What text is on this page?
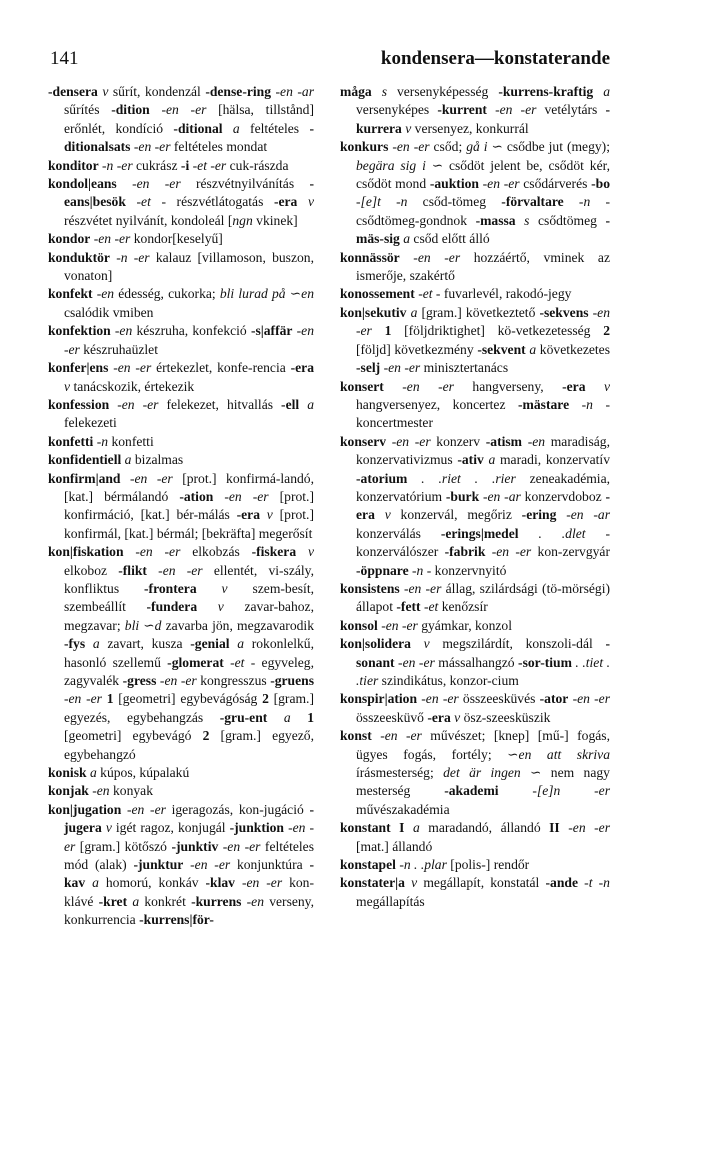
141	kondensera—konstaterande

-densera v sűrít, kondenzál -dense-ring -en -ar sűrítés -dition -en -er [hälsa, tillstånd] erőnlét, kondíció -ditional a feltételes -ditionalsats -en -er feltételes mondat

konditor -n -er cukrász -i -et -er cuk-rászda

kondol|eans -en -er részvétnyilvánítás -eans|besök -et - részvétlátogatás -era v részvétet nyilvánít, kondoleál [ngn vkinek]

kondor -en -er kondor[keselyű]

konduktör -n -er kalauz [villamoson, buszon, vonaton]

konfekt -en édesség, cukorka; bli lurad på ∽en csalódik vmiben

konfektion -en készruha, konfekció -s|affär -en -er készruhaüzlet

konfer|ens -en -er értekezlet, konfe-rencia -era v tanácskozik, értekezik

konfession -en -er felekezet, hitvallás -ell a felekezeti

konfetti -n konfetti

konfidentiell a bizalmas

konfirm|and -en -er [prot.] konfirmá-landó, [kat.] bérmálandó -ation -en -er [prot.] konfirmáció, [kat.] bér-málás -era v [prot.] konfirmál, [kat.] bérmál; [bekräfta] megerősít

kon|fiskation -en -er elkobzás -fiskera v elkoboz -flikt -en -er ellentét, vi-szály, konfliktus -frontera v szem-besít, szembeállít -fundera v zavar-bahoz, megzavar; bli ∽d zavarba jön, megzavarodik -fys a zavart, kusza -genial a rokonlelkű, hasonló szellemű -glomerat -et - egyveleg, zagyvalék -gress -en -er kongresszus -gruens -en -er 1 [geometri] egybevágóság 2 [gram.] egyezés, egybehangzás -gru-ent a 1 [geometri] egybevágó 2 [gram.] egyező, egybehangzó

konisk a kúpos, kúpalakú

konjak -en konyak

kon|jugation -en -er igeragozás, kon-jugáció -jugera v igét ragoz, konjugál -junktion -en -er [gram.] kötőszó -junktiv -en -er feltételes mód (alak) -junktur -en -er konjunktúra -kav a homorú, konkáv -klav -en -er kon-klávé -kret a konkrét -kurrens -en verseny, konkurrencia -kurrens|för-

måga s versenyképesség -kurrens-kraftig a versenyképes -kurrent -en -er vetélytárs -kurrera v versenyez, konkurrál

konkurs -en -er csőd; gå i ∽ csődbe jut (megy); begära sig i ∽ csődöt jelent be, csődöt kér, csődöt mond -auktion -en -er csődárverés -bo -[e]t -n csőd-tömeg -förvaltare -n - csődtömeg-gondnok -massa s csődtömeg -mäs-sig a csőd előtt álló

konnässör -en -er hozzáértő, vminek az ismerője, szakértő

konossement -et - fuvarlevél, rakodó-jegy

kon|sekutiv a [gram.] következtető -sekvens -en -er 1 [följdriktighet] kö-vetkezetesség 2 [följd] következmény -sekvent a következetes -selj -en -er minisztertanács

konsert -en -er hangverseny, -era v hangversenyez, koncertez -mästare -n - koncertmester

konserv -en -er konzerv -atism -en maradiság, konzervativizmus -ativ a maradi, konzervatív -atorium . .riet . .rier zeneakadémia, konzervatórium -burk -en -ar konzervdoboz -era v konzervál, megőriz -ering -en -ar konzerválás -erings|medel . .dlet - konzerválószer -fabrik -en -er kon-zervgyár -öppnare -n - konzervnyitó

konsistens -en -er állag, szilárdsági (tö-mörségi) állapot -fett -et kenőzsír

konsol -en -er gyámkar, konzol

kon|solidera v megszilárdít, konszoli-dál -sonant -en -er mássalhangzó -sor-tium . .tiet . .tier szindikátus, konzor-cium

konspir|ation -en -er összeesküvés -ator -en -er összeesküvő -era v ösz-szeesküszik

konst -en -er művészet; [knep] [mű-] fogás, ügyes fogás, fortély; ∽en att skriva írásmesterség; det är ingen ∽ nem nagy mesterség -akademi -[e]n -er művészakadémia

konstant I a maradandó, állandó II -en -er [mat.] állandó

konstapel -n . .plar [polis-] rendőr

konstater|a v megállapít, konstatál -ande -t -n megállapítás
